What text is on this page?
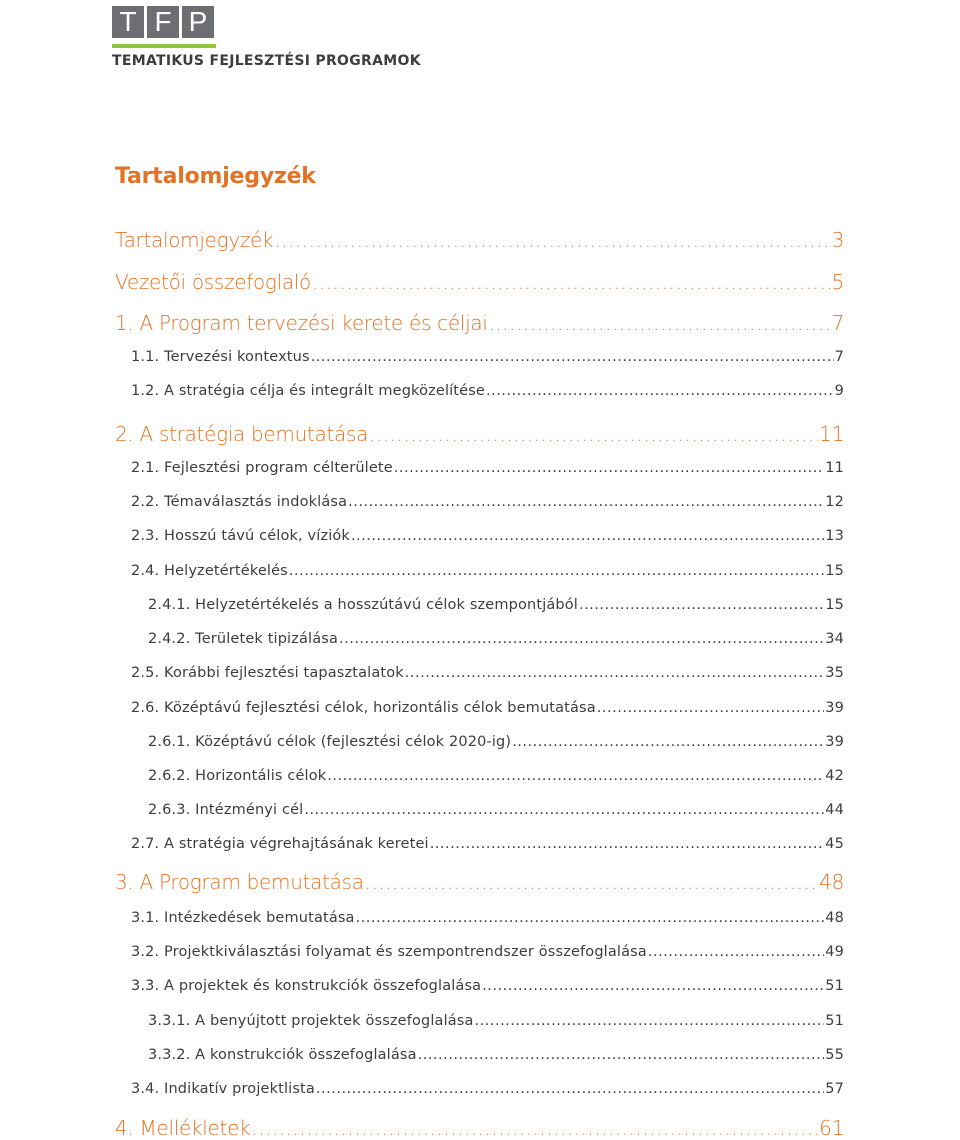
T F P
TEMATIKUS FEJLESZTÉSI PROGRAMOK
Tartalomjegyzék
Tartalomjegyzék .....	3
Vezetői összefoglaló .....	5
1. A Program tervezési kerete és céljai .....	7
1.1. Tervezési kontextus .....	7
1.2. A stratégia célja és integrált megközelítése .....	9
2. A stratégia bemutatása .....	11
2.1. Fejlesztési program célterülete .....	11
2.2. Témaválasztás indoklása .....	12
2.3. Hosszú távú célok, víziók .....	13
2.4. Helyzetértékelés .....	15
2.4.1. Helyzetértékelés a hosszútávú célok szempontjából .....	15
2.4.2. Területek tipizálása .....	34
2.5. Korábbi fejlesztési tapasztalatok .....	35
2.6. Középtávú fejlesztési célok, horizontális célok bemutatása .....	39
2.6.1. Középtávú célok (fejlesztési célok 2020-ig) .....	39
2.6.2. Horizontális célok .....	42
2.6.3. Intézményi cél .....	44
2.7. A stratégia végrehajtásának keretei .....	45
3. A Program bemutatása .....	48
3.1. Intézkedések bemutatása .....	48
3.2. Projektkiválasztási folyamat és szempontrendszer összefoglalása .....	49
3.3. A projektek és konstrukciók összefoglalása .....	51
3.3.1. A benyújtott projektek összefoglalása .....	51
3.3.2. A konstrukciók összefoglalása .....	55
3.4. Indikatív projektlista .....	57
4. Mellékletek .....	61
